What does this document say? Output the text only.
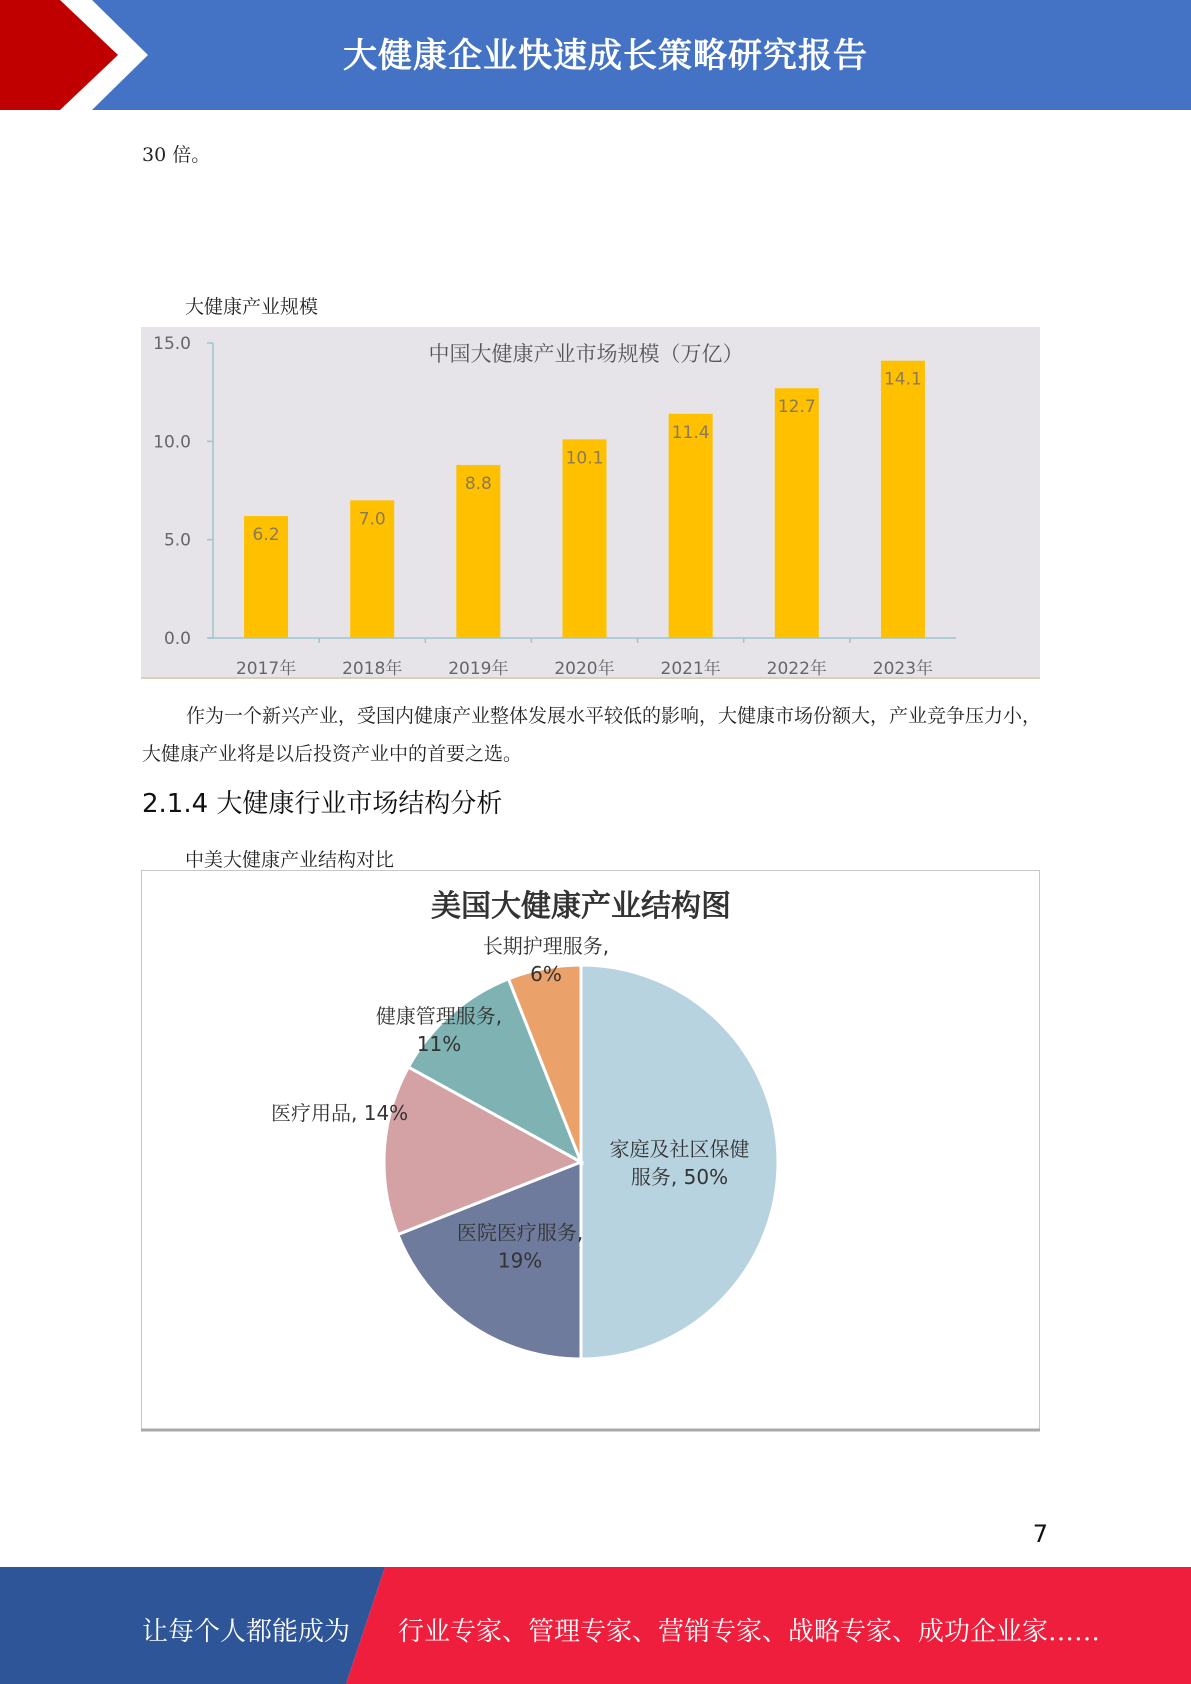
大健康企业快速成长策略研究报告
30 倍。
大健康产业规模
0.0
5.0
10.0
15.0	中国大健康产业市场规模（万亿）
6.2
2017年
7.0
2018年
8.8
2019年
10.1
2020年
11.4
2021年
12.7
2022年
14.1
2023年
作为一个新兴产业，受国内健康产业整体发展水平较低的影响，大健康市场份额大，产业竞争压力小，大健康产业将是以后投资产业中的首要之选。
2.1.4 大健康行业市场结构分析
中美大健康产业结构对比
美国大健康产业结构图
家庭及社区保健
服务, 50%
医院医疗服务,
19%
医疗用品, 14%
健康管理服务,
11%
长期护理服务,
6%
7
让每个人都能成为 行业专家、管理专家、营销专家、战略专家、成功企业家……
